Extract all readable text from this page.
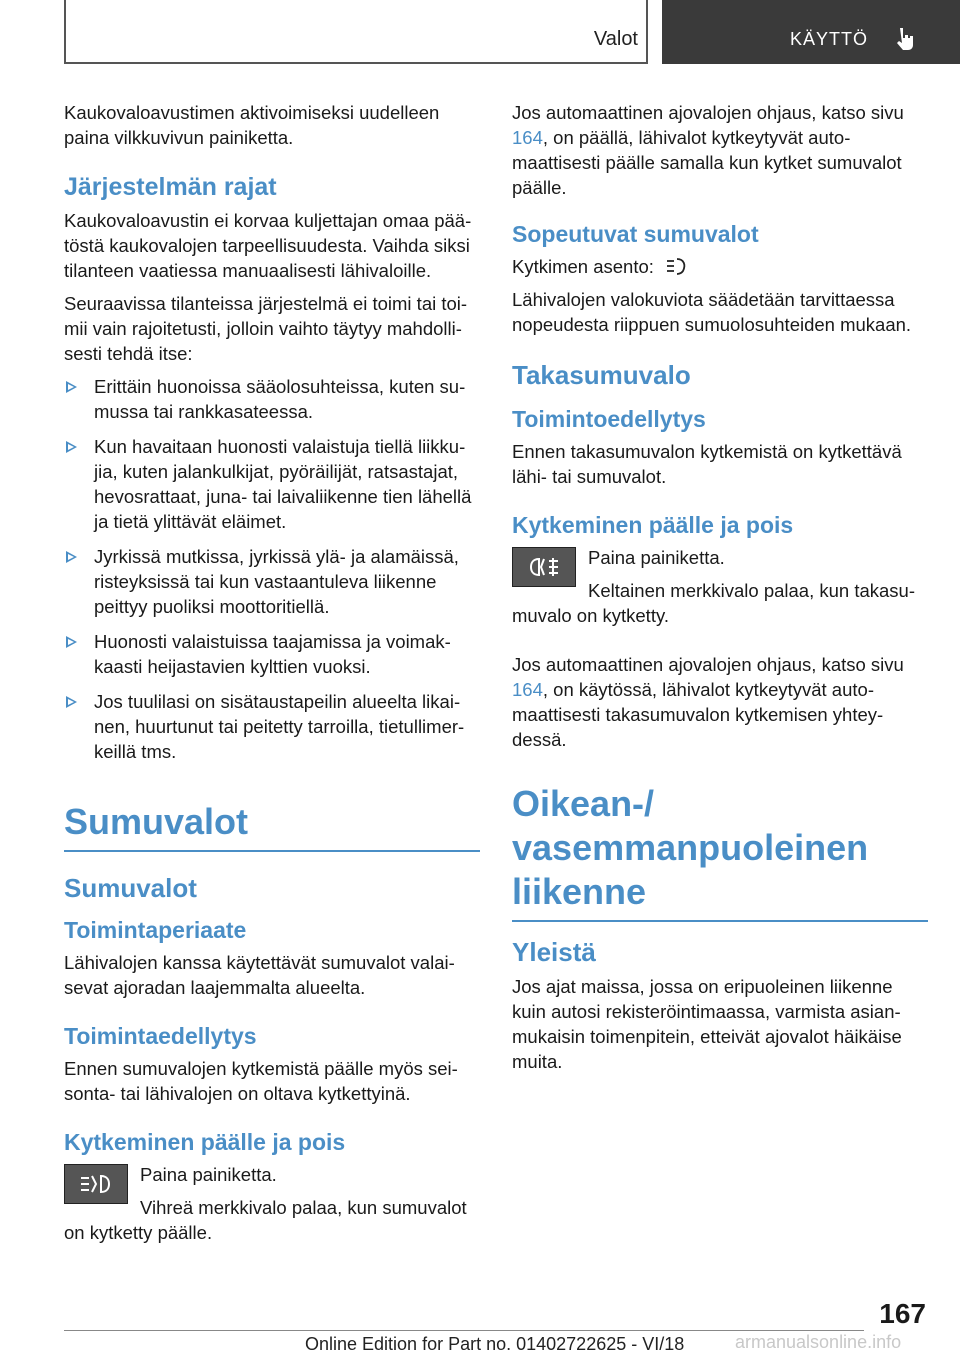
Valot	KÄYTTÖ

Kaukovaloavustimen aktivoimiseksi uudelleen paina vilkkuvivun painiketta.

Järjestelmän rajat

Kaukovaloavustin ei korvaa kuljettajan omaa päätöstä kaukovalojen tarpeellisuudesta. Vaihda siksi tilanteen vaatiessa manuaalisesti lähivaloille.

Seuraavissa tilanteissa järjestelmä ei toimi tai toimii vain rajoitetusti, jolloin vaihto täytyy mahdollisesti tehdä itse:

Erittäin huonoissa sääolosuhteissa, kuten sumussa tai rankkasateessa.
Kun havaitaan huonosti valaistuja tiellä liikkujia, kuten jalankulkijat, pyöräilijät, ratsastajat, hevosrattaat, juna- tai laivaliikenne tien lähellä ja tietä ylittävät eläimet.
Jyrkissä mutkissa, jyrkissä ylä- ja alamäissä, risteyksissä tai kun vastaantuleva liikenne peittyy puoliksi moottoritiellä.
Huonosti valaistuissa taajamissa ja voimakkaasti heijastavien kylttien vuoksi.
Jos tuulilasi on sisätaustapeilin alueelta likainen, huurtunut tai peitetty tarroilla, tietullimerkeillä tms.
Sumuvalot
Sumuvalot
Toimintaperiaate

Lähivalojen kanssa käytettävät sumuvalot valaisevat ajoradan laajemmalta alueelta.

Toimintaedellytys

Ennen sumuvalojen kytkemistä päälle myös seisonta- tai lähivalojen on oltava kytkettyinä.

Kytkeminen päälle ja pois

Paina painiketta.

Vihreä merkkivalo palaa, kun sumuvalot on kytketty päälle.

Jos automaattinen ajovalojen ohjaus, katso sivu 164, on päällä, lähivalot kytkeytyvät automaattisesti päälle samalla kun kytket sumuvalot päälle.

Sopeutuvat sumuvalot

Kytkimen asento:

Lähivalojen valokuviota säädetään tarvittaessa nopeudesta riippuen sumuolosuhteiden mukaan.

Takasumuvalo
Toimintoedellytys

Ennen takasumuvalon kytkemistä on kytkettävä lähi- tai sumuvalot.

Kytkeminen päälle ja pois

Paina painiketta.

Keltainen merkkivalo palaa, kun takasumuvalo on kytketty.

Jos automaattinen ajovalojen ohjaus, katso sivu 164, on käytössä, lähivalot kytkeytyvät automaattisesti takasumuvalon kytkemisen yhteydessä.

Oikean-/ vasemmanpuoleinen liikenne
Yleistä

Jos ajat maissa, jossa on eripuoleinen liikenne kuin autosi rekisteröintimaassa, varmista asianmukaisin toimenpitein, etteivät ajovalot häikäise muita.

167
Online Edition for Part no. 01402722625 - VI/18	armanualsonline.info
